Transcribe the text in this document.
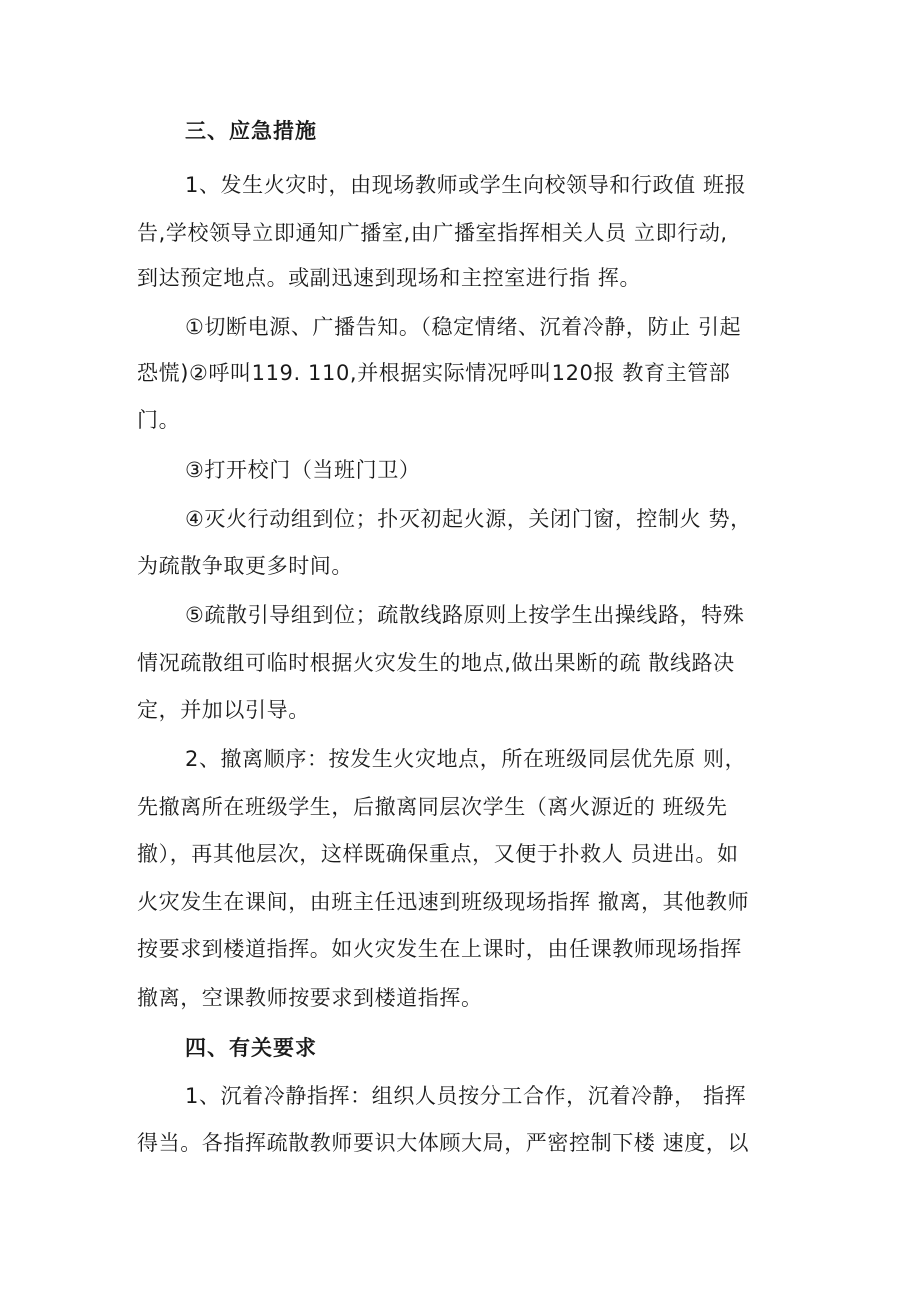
三、应急措施
1、发生火灾时，由现场教师或学生向校领导和行政值 班报
告,学校领导立即通知广播室,由广播室指挥相关人员 立即行动,
到达预定地点。或副迅速到现场和主控室进行指 挥。
①切断电源、广播告知。（稳定情绪、沉着冷静，防止 引起
恐慌)②呼叫119. 110,并根据实际情况呼叫120报 教育主管部
门。
③打开校门（当班门卫）
④灭火行动组到位；扑灭初起火源，关闭门窗，控制火 势，
为疏散争取更多时间。
⑤疏散引导组到位；疏散线路原则上按学生出操线路，特殊
情况疏散组可临时根据火灾发生的地点,做出果断的疏 散线路决
定，并加以引导。
2、撤离顺序：按发生火灾地点，所在班级同层优先原 则，
先撤离所在班级学生，后撤离同层次学生（离火源近的 班级先
撤），再其他层次，这样既确保重点，又便于扑救人 员进出。如
火灾发生在课间，由班主任迅速到班级现场指挥 撤离，其他教师
按要求到楼道指挥。如火灾发生在上课时，由任课教师现场指挥
撤离，空课教师按要求到楼道指挥。
四、有关要求
1、沉着冷静指挥：组织人员按分工合作，沉着冷静， 指挥
得当。各指挥疏散教师要识大体顾大局，严密控制下楼 速度，以
